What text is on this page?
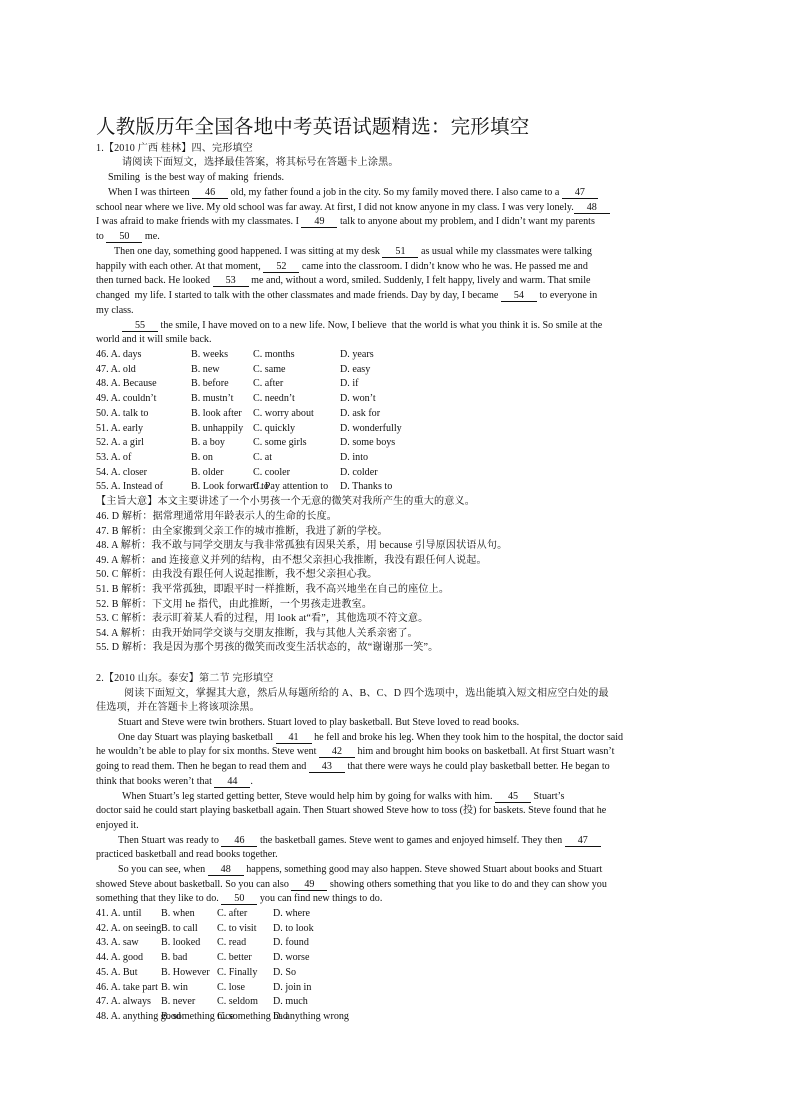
人教版历年全国各地中考英语试题精选：完形填空
1.【2010 广西 桂林】四、完形填空
请阅读下面短文，选择最佳答案，将其标号在答题卡上涂黑。
Smiling  is the best way of making  friends.
When I was thirteen 46 old, my father found a job in the city. So my family moved there. I also came to a 47
school near where we live. My old school was far away. At first, I did not know anyone in my class. I was very lonely. 48
I was afraid to make friends with my classmates. I 49 talk to anyone about my problem, and I didn’t want my parents
to 50 me.
Then one day, something good happened. I was sitting at my desk 51 as usual while my classmates were talking
happily with each other. At that moment, 52 came into the classroom. I didn’t know who he was. He passed me and
then turned back. He looked 53 me and, without a word, smiled. Suddenly, I felt happy, lively and warm. That smile
changed  my life. I started to talk with the other classmates and made friends. Day by day, I became 54 to everyone in
my class.
55 the smile, I have moved on to a new life. Now, I believe  that the world is what you think it is. So smile at the
world and it will smile back.
46. A. days	B. weeks C. months	D. years
47. A. old	B. new	C. same	D. easy
48. A. Because	B. before C. after	D. if
49. A. couldn’t	B. mustn’t C. needn’t	D. won’t
50. A. talk to	B. look after C. worry about	D. ask for
51. A. early	B. unhappily C. quickly	D. wonderfully
52. A. a girl	B. a boy	C. some girls	D. some boys
53. A. of	B. on	C. at	D. into
54. A. closer	B. older	C. cooler	D. colder
55. A. Instead of	B. Look forward to
C. Pay attention to D. Thanks to
【主旨大意】本文主要讲述了一个小男孩一个无意的微笑对我所产生的重大的意义。
46. D 解析：据常理通常用年龄表示人的生命的长度。
47. B 解析：由全家搬到父亲工作的城市推断，我进了新的学校。
48. A 解析：我不敢与同学交朋友与我非常孤独有因果关系，用 because 引导原因状语从句。
49. A 解析：and 连接意义并列的结构，由不想父亲担心我推断，我没有跟任何人说起。
50. C 解析：由我没有跟任何人说起推断，我不想父亲担心我。
51. B 解析：我平常孤独，即跟平时一样推断，我不高兴地坐在自己的座位上。
52. B 解析：下文用 he 指代，由此推断，一个男孩走进教室。
53. C 解析：表示盯着某人看的过程，用 look at“看”，其他选项不符文意。
54. A 解析：由我开始同学交谈与交朋友推断，我与其他人关系亲密了。
55. D 解析：我是因为那个男孩的微笑而改变生活状态的，故“谢谢那一笑”。
2.【2010 山东。泰安】第二节 完形填空
阅读下面短文，掌握其大意，然后从每题所给的 A、B、C、D 四个选项中，选出能填入短文相应空白处的最
佳选项，并在答题卡上将该项涂黑。
Stuart and Steve were twin brothers. Stuart loved to play basketball. But Steve loved to read books.
One day Stuart was playing basketball 41 he fell and broke his leg. When they took him to the hospital, the doctor said
he wouldn’t be able to play for six months. Steve went 42 him and brought him books on basketball. At first Stuart wasn’t
going to read them. Then he began to read them and 43 that there were ways he could play basketball better. He began to
think that books weren’t that 44 .
When Stuart’s leg started getting better, Steve would help him by going for walks with him. 45 Stuart’s
doctor said he could start playing basketball again. Then Stuart showed Steve how to toss (投) for baskets. Steve found that he
enjoyed it.
Then Stuart was ready to 46 the basketball games. Steve went to games and enjoyed himself. They then 47
practiced basketball and read books together.
So you can see, when 48 happens, something good may also happen. Steve showed Stuart about books and Stuart
showed Steve about basketball. So you can also 49 showing others something that you like to do and they can show you
something that they like to do. 50 you can find new things to do.
41. A. until B. when C. after	D. where
42. A. on seeing B. to call C. to visit D. to look
43. A. saw B. looked C. read	D. found
44. A. good B. bad	C. better D. worse
45. A. But B. However C. Finally D. So
46. A. take part B. win	C. lose	D. join in
47. A. always B. never C. seldom D. much
48. A. anything good
B. something nice
C. something bad
D. anything wrong
